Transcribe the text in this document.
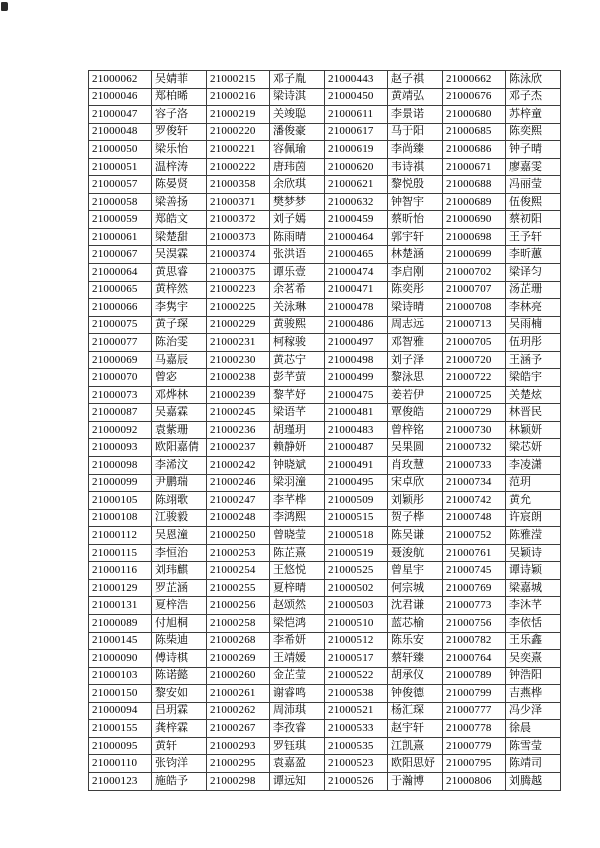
21000062	吴婧菲	21000215	邓子胤	21000443	赵子祺	21000662	陈泳欣
21000046	郑柏晞	21000216	梁诗淇	21000450	黄靖弘	21000676	邓子杰
21000047	容子洛	21000219	关竣聪	21000611	李景诺	21000680	苏梓童
21000048	罗俊轩	21000220	潘俊豪	21000617	马于阳	21000685	陈奕熙
21000050	梁乐怡	21000221	容佩瑜	21000619	李尚臻	21000686	钟子晴
21000051	温梓涛	21000222	唐玮茵	21000620	韦诗祺	21000671	廖嘉雯
21000057	陈晏贤	21000358	余欣琪	21000621	黎悦殷	21000688	冯丽莹
21000058	梁善扬	21000371	樊梦梦	21000632	钟智宇	21000689	伍俊熙
21000059	郑皓文	21000372	刘子嫣	21000459	蔡昕怡	21000690	蔡初阳
21000061	梁楚甜	21000373	陈雨晴	21000464	郭宇轩	21000698	王予轩
21000067	吴淏霖	21000374	张洪语	21000465	林楚涵	21000699	李昕蕙
21000064	黄思睿	21000375	谭乐壹	21000474	李启刚	21000702	梁译匀
21000065	黄梓然	21000223	余茗希	21000471	陈奕彤	21000707	汤芷珊
21000066	李隽宇	21000225	关泳琳	21000478	梁诗晴	21000708	李林亮
21000075	黄子琛	21000229	黄骏熙	21000486	周志远	21000713	吴雨楠
21000077	陈治雯	21000231	柯稼骏	21000497	邓智雅	21000705	伍玥彤
21000069	马嘉辰	21000230	黄芯宁	21000498	刘子泽	21000720	王涵予
21000070	曾宓	21000238	彭芊萤	21000499	黎泳思	21000722	梁皓宇
21000073	邓烨林	21000239	黎芊妤	21000475	姜若伊	21000725	关楚炫
21000087	吴嘉霖	21000245	梁语芊	21000481	覃俊皓	21000729	林晋民
21000092	袁紫珊	21000236	胡瑾玥	21000483	曾梓铭	21000730	林颖妍
21000093	欧阳嘉倩	21000237	赖静妍	21000487	吴果圆	21000732	梁芯妍
21000098	李浠汶	21000242	钟晓斌	21000491	肖玫慧	21000733	李凌潇
21000099	尹鹏瑞	21000246	梁羽潼	21000495	宋卓欣	21000734	范玥
21000105	陈翊歌	21000247	李芊桦	21000509	刘颖彤	21000742	黄允
21000108	江骏毅	21000248	李鸿熙	21000515	贺子桦	21000748	许宸朗
21000112	吴恩潼	21000250	曾晓莹	21000518	陈吴谦	21000752	陈雅滢
21000115	李恒治	21000253	陈芷熹	21000519	聂浚航	21000761	吴颖诗
21000116	刘玮麒	21000254	王悠悦	21000525	曾星宇	21000745	谭诗颖
21000129	罗芷涵	21000255	夏梓晴	21000502	何宗城	21000769	梁嘉城
21000131	夏梓浩	21000256	赵颂然	21000503	沈君谦	21000773	李沐芊
21000089	付旭桐	21000258	梁恺鸿	21000510	蓝芯榆	21000756	李依恬
21000145	陈柴迪	21000268	李希妍	21000512	陈乐安	21000782	王乐鑫
21000090	傅诗棋	21000269	王靖媛	21000517	蔡轩臻	21000764	吴奕熹
21000103	陈诺懿	21000260	金芷莹	21000522	胡承仪	21000789	钟浩阳
21000150	黎安如	21000261	谢睿鸣	21000538	钟俊德	21000799	吉燕桦
21000094	吕玥霖	21000262	周沛琪	21000521	杨汇琛	21000777	冯少泽
21000155	龚梓霖	21000267	李孜睿	21000533	赵宇轩	21000778	徐晨
21000095	黄轩	21000293	罗钰琪	21000535	江凯熹	21000779	陈雪莹
21000110	张钧洋	21000295	袁嘉盈	21000523	欧阳思妤	21000795	陈靖司
21000123	施皓予	21000298	谭远知	21000526	于瀚博	21000806	刘腾越
